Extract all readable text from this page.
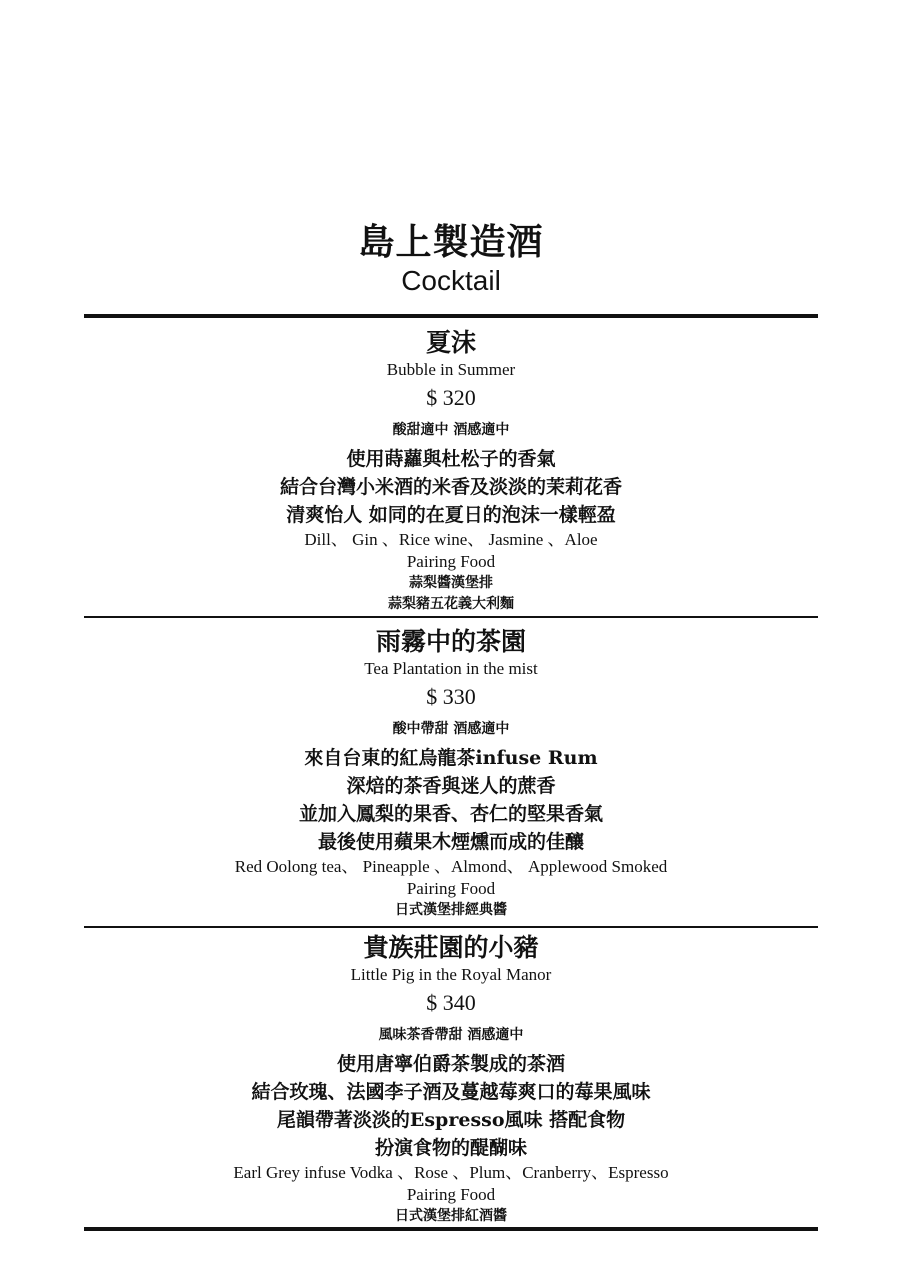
島上製造酒
Cocktail
夏沫
Bubble in Summer
$ 320
酸甜適中 酒感適中
使用蒔蘿與杜松子的香氣
結合台灣小米酒的米香及淡淡的茉莉花香
清爽怡人 如同的在夏日的泡沫一樣輕盈
Dill、 Gin 、Rice wine、 Jasmine 、Aloe
Pairing Food
蒜梨醬漢堡排
蒜梨豬五花義大利麵
雨霧中的茶園
Tea Plantation in the mist
$ 330
酸中帶甜 酒感適中
來自台東的紅烏龍茶infuse Rum
深焙的茶香與迷人的蔗香
並加入鳳梨的果香、杏仁的堅果香氣
最後使用蘋果木煙燻而成的佳釀
Red Oolong tea、 Pineapple 、Almond、 Applewood Smoked
Pairing Food
日式漢堡排經典醬
貴族莊園的小豬
Little Pig in the Royal Manor
$ 340
風味茶香帶甜 酒感適中
使用唐寧伯爵茶製成的茶酒
結合玫瑰、法國李子酒及蔓越莓爽口的莓果風味
尾韻帶著淡淡的Espresso風味 搭配食物
扮演食物的醍醐味
Earl Grey infuse Vodka 、Rose 、Plum、Cranberry、Espresso
Pairing Food
日式漢堡排紅酒醬
